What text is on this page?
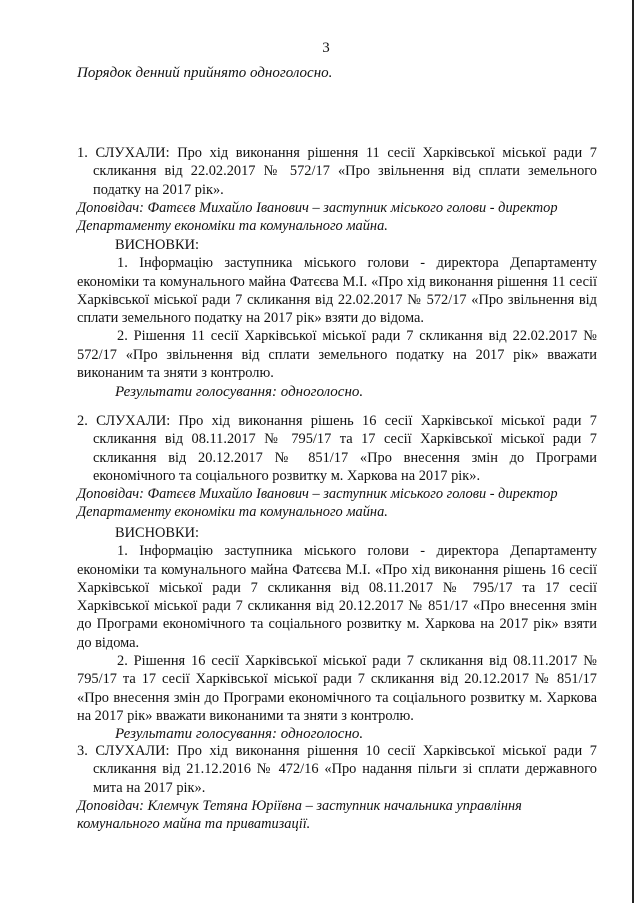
3
Порядок денний прийнято одноголосно.

1. СЛУХАЛИ: Про хід виконання рішення 11 сесії Харківської міської ради 7 скликання від 22.02.2017 № 572/17 «Про звільнення від сплати земельного податку на 2017 рік».

Доповідач: Фатєєв Михайло Іванович – заступник міського голови - директор

Департаменту економіки та комунального майна.

ВИСНОВКИ:

1. Інформацію заступника міського голови - директора Департаменту економіки та комунального майна Фатєєва М.І. «Про хід виконання рішення 11 сесії Харківської міської ради 7 скликання від 22.02.2017 № 572/17 «Про звільнення від сплати земельного податку на 2017 рік» взяти до відома.

2. Рішення 11 сесії Харківської міської ради 7 скликання від 22.02.2017 № 572/17 «Про звільнення від сплати земельного податку на 2017 рік» вважати виконаним та зняти з контролю.

Результати голосування: одноголосно.

2. СЛУХАЛИ: Про хід виконання рішень 16 сесії Харківської міської ради 7 скликання від 08.11.2017 № 795/17 та 17 сесії Харківської міської ради 7 скликання від 20.12.2017 № 851/17 «Про внесення змін до Програми економічного та соціального розвитку м. Харкова на 2017 рік».

Доповідач: Фатєєв Михайло Іванович – заступник міського голови - директор

Департаменту економіки та комунального майна.

ВИСНОВКИ:

1. Інформацію заступника міського голови - директора Департаменту економіки та комунального майна Фатєєва М.І. «Про хід виконання рішень 16 сесії Харківської міської ради 7 скликання від 08.11.2017 № 795/17 та 17 сесії Харківської міської ради 7 скликання від 20.12.2017 № 851/17 «Про внесення змін до Програми економічного та соціального розвитку м. Харкова на 2017 рік» взяти до відома.

2. Рішення 16 сесії Харківської міської ради 7 скликання від 08.11.2017 № 795/17 та 17 сесії Харківської міської ради 7 скликання від 20.12.2017 № 851/17 «Про внесення змін до Програми економічного та соціального розвитку м. Харкова на 2017 рік» вважати виконаними та зняти з контролю.

Результати голосування: одноголосно.

3. СЛУХАЛИ: Про хід виконання рішення 10 сесії Харківської міської ради 7 скликання від 21.12.2016 № 472/16 «Про надання пільги зі сплати державного мита на 2017 рік».

Доповідач: Клемчук Тетяна Юріївна – заступник начальника управління

комунального майна та приватизації.
